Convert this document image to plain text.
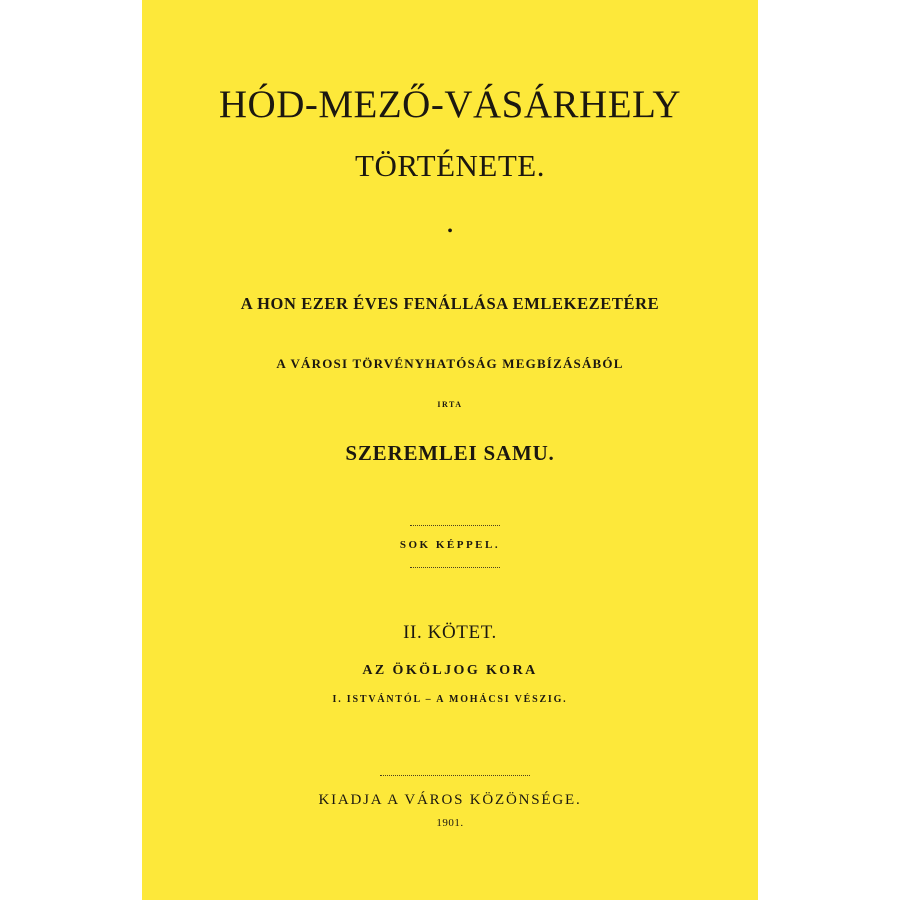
HÓD-MEZŐ-VÁSÁRHELY
TÖRTÉNETE.
•
A HON EZER ÉVES FENÁLLÁSA EMLEKEZETÉRE
A VÁROSI TÖRVÉNYHATÓSÁG MEGBÍZÁSÁBÓL
IRTA
SZEREMLEI SAMU.
SOK KÉPPEL.
II. KÖTET.
AZ ÖKÖLJOG KORA
I. ISTVÁNTÓL – A MOHÁCSI VÉSZIG.
KIADJA A VÁROS KÖZÖNSÉGE.
1901.
